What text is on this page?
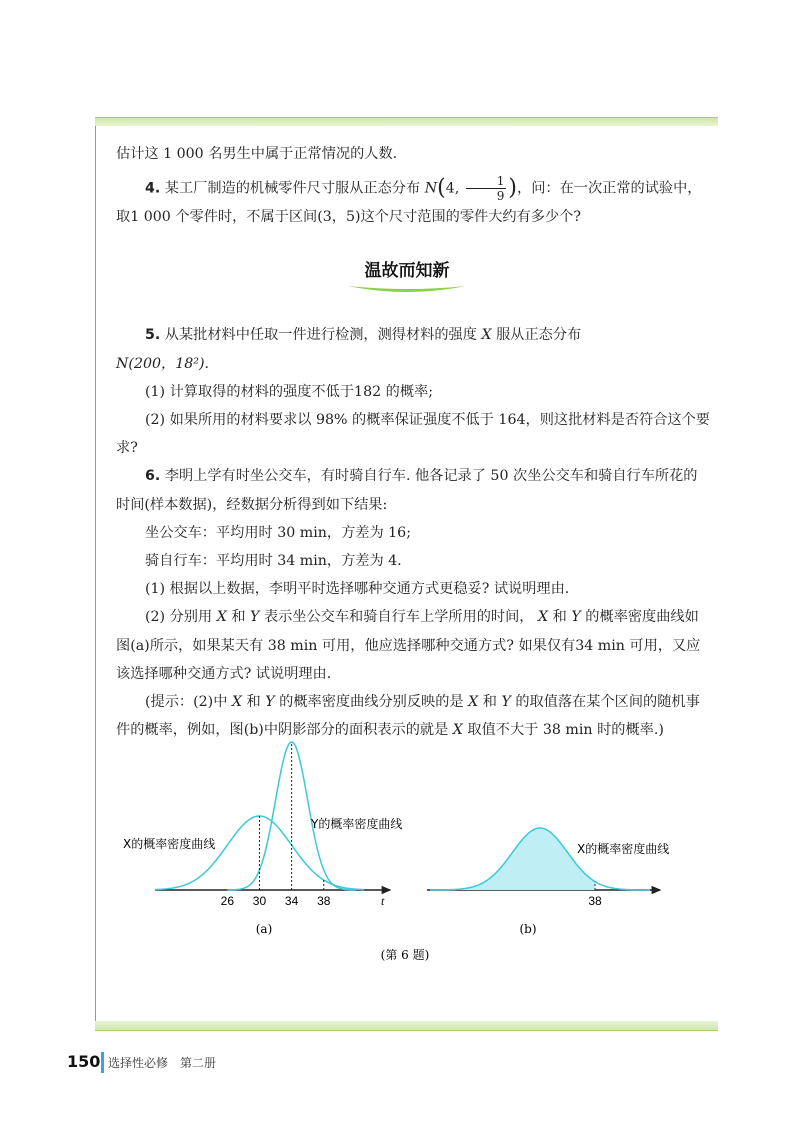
估计这 1 000 名男生中属于正常情况的人数.

4. 某工厂制造的机械零件尺寸服从正态分布 N(4, $\frac{1}{9}$ )，问：在一次正常的试验中，取1 000 个零件时，不属于区间(3，5)这个尺寸范围的零件大约有多少个?

5. 从某批材料中任取一件进行检测，测得材料的强度 X 服从正态分布

N(200，18²).

(1) 计算取得的材料的强度不低于182 的概率;

(2) 如果所用的材料要求以 98% 的概率保证强度不低于 164，则这批材料是否符合这个要求?

6. 李明上学有时坐公交车，有时骑自行车. 他各记录了 50 次坐公交车和骑自行车所花的时间(样本数据)，经数据分析得到如下结果:

坐公交车：平均用时 30 min，方差为 16;

骑自行车：平均用时 34 min，方差为 4.

(1) 根据以上数据，李明平时选择哪种交通方式更稳妥? 试说明理由.

(2) 分别用 X 和 Y 表示坐公交车和骑自行车上学所用的时间， X 和 Y 的概率密度曲线如图(a)所示，如果某天有 38 min 可用，他应选择哪种交通方式? 如果仅有34 min 可用，又应该选择哪种交通方式? 试说明理由.

(提示：(2)中 X 和 Y 的概率密度曲线分别反映的是 X 和 Y 的取值落在某个区间的随机事件的概率，例如，图(b)中阴影部分的面积表示的就是 X 取值不大于 38 min 时的概率.)

温故而知新
26 30 34 38	t
X的概率密度曲线
Y的概率密度曲线
(a)
38
X的概率密度曲线
(b)
(第 6 题)
150 选择性必修　第二册
